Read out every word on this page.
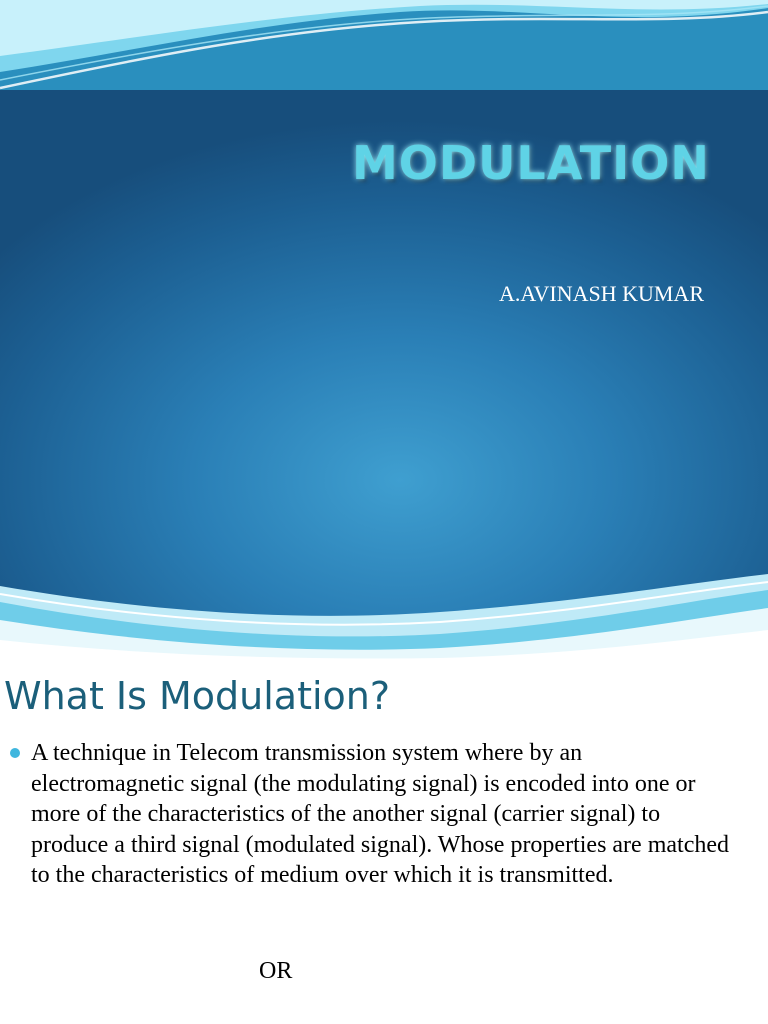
MODULATION
A.AVINASH KUMAR
What Is Modulation?

A technique in Telecom transmission system where by an electromagnetic signal (the modulating signal) is encoded into one or more of the characteristics of the another signal (carrier signal) to produce a third signal (modulated signal). Whose properties are matched to the characteristics of medium over which it is transmitted.

OR
